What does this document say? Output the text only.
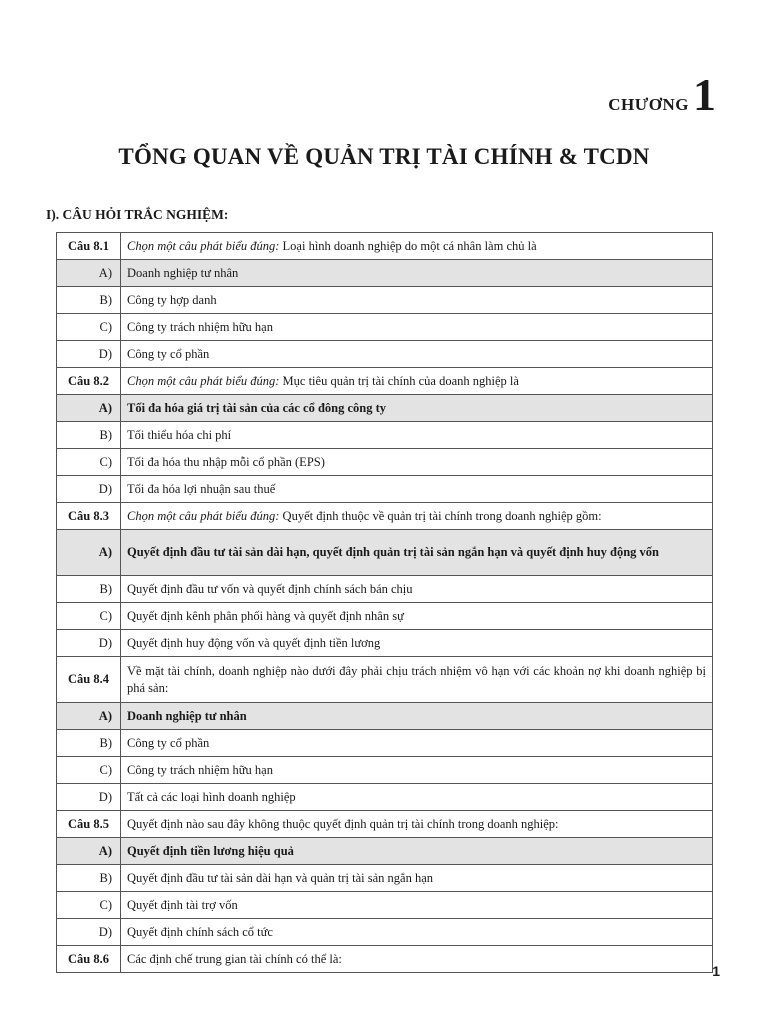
CHƯƠNG 1
TỔNG QUAN VỀ QUẢN TRỊ TÀI CHÍNH & TCDN
I). CÂU HỎI TRẮC NGHIỆM:
Câu 8.1	Chọn một câu phát biểu đúng: Loại hình doanh nghiệp do một cá nhân làm chủ là
A)	Doanh nghiệp tư nhân
B)	Công ty hợp danh
C)	Công ty trách nhiệm hữu hạn
D)	Công ty cổ phần
Câu 8.2	Chọn một câu phát biểu đúng: Mục tiêu quản trị tài chính của doanh nghiệp là
A)	Tối đa hóa giá trị tài sản của các cổ đông công ty
B)	Tối thiểu hóa chi phí
C)	Tối đa hóa thu nhập mỗi cổ phần (EPS)
D)	Tối đa hóa lợi nhuận sau thuế
Câu 8.3	Chọn một câu phát biểu đúng: Quyết định thuộc về quản trị tài chính trong doanh nghiệp gồm:
A)	Quyết định đầu tư tài sản dài hạn, quyết định quản trị tài sản ngắn hạn và quyết định huy động vốn
B)	Quyết định đầu tư vốn và quyết định chính sách bán chịu
C)	Quyết định kênh phân phối hàng và quyết định nhân sự
D)	Quyết định huy động vốn và quyết định tiền lương
Câu 8.4	Về mặt tài chính, doanh nghiệp nào dưới đây phải chịu trách nhiệm vô hạn với các khoản nợ khi doanh nghiệp bị phá sản:
A)	Doanh nghiệp tư nhân
B)	Công ty cổ phần
C)	Công ty trách nhiệm hữu hạn
D)	Tất cả các loại hình doanh nghiệp
Câu 8.5	Quyết định nào sau đây không thuộc quyết định quản trị tài chính trong doanh nghiệp:
A)	Quyết định tiền lương hiệu quả
B)	Quyết định đầu tư tài sản dài hạn và quản trị tài sản ngắn hạn
C)	Quyết định tài trợ vốn
D)	Quyết định chính sách cổ tức
Câu 8.6	Các định chế trung gian tài chính có thể là:
1
